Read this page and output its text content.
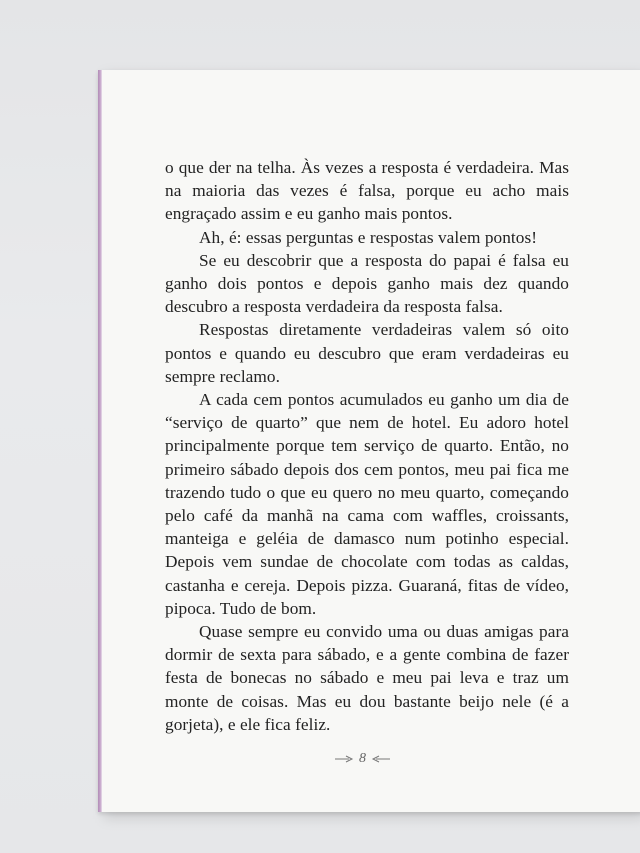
o que der na telha. Às vezes a resposta é verdadeira. Mas na maioria das vezes é falsa, porque eu acho mais engraçado assim e eu ganho mais pontos.

Ah, é: essas perguntas e respostas valem pontos!

Se eu descobrir que a resposta do papai é falsa eu ganho dois pontos e depois ganho mais dez quando descubro a resposta verdadeira da resposta falsa.

Respostas diretamente verdadeiras valem só oito pontos e quando eu descubro que eram verdadeiras eu sempre reclamo.

A cada cem pontos acumulados eu ganho um dia de “serviço de quarto” que nem de hotel. Eu adoro hotel principalmente porque tem serviço de quarto. Então, no primeiro sábado depois dos cem pontos, meu pai fica me trazendo tudo o que eu quero no meu quarto, começando pelo café da manhã na cama com waffles, croissants, manteiga e geléia de damasco num potinho especial. Depois vem sundae de chocolate com todas as caldas, castanha e cereja. Depois pizza. Guaraná, fitas de vídeo, pipoca. Tudo de bom.

Quase sempre eu convido uma ou duas amigas para dormir de sexta para sábado, e a gente combina de fazer festa de bonecas no sábado e meu pai leva e traz um monte de coisas. Mas eu dou bastante beijo nele (é a gorjeta), e ele fica feliz.

8
